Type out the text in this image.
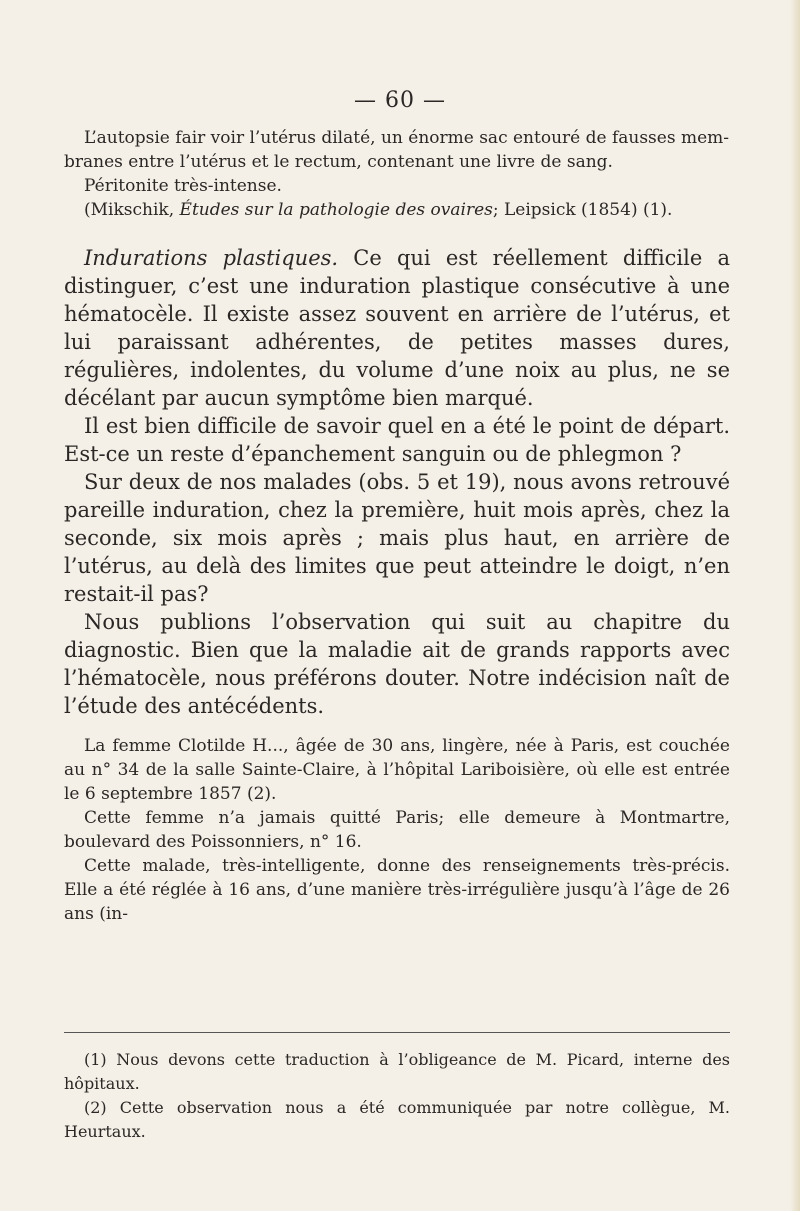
— 60 —

L’autopsie fair voir l’utérus dilaté, un énorme sac entouré de fausses mem-

branes entre l’utérus et le rectum, contenant une livre de sang.

Péritonite très-intense.

(Mikschik, Études sur la pathologie des ovaires; Leipsick (1854) (1).

Indurations plastiques. Ce qui est réellement difficile a distinguer, c’est une induration plastique consécutive à une hématocèle. Il existe assez souvent en arrière de l’utérus, et lui paraissant adhérentes, de petites masses dures, régulières, indolentes, du volume d’une noix au plus, ne se décélant par aucun symptôme bien marqué.

Il est bien difficile de savoir quel en a été le point de départ. Est-ce un reste d’épanchement sanguin ou de phlegmon ?

Sur deux de nos malades (obs. 5 et 19), nous avons retrouvé pareille induration, chez la première, huit mois après, chez la seconde, six mois après ; mais plus haut, en arrière de l’utérus, au delà des limites que peut atteindre le doigt, n’en restait-il pas?

Nous publions l’observation qui suit au chapitre du diagnostic. Bien que la maladie ait de grands rapports avec l’hématocèle, nous préférons douter. Notre indécision naît de l’étude des antécédents.

La femme Clotilde H..., âgée de 30 ans, lingère, née à Paris, est couchée au n° 34 de la salle Sainte-Claire, à l’hôpital Lariboisière, où elle est entrée le 6 septembre 1857 (2).

Cette femme n’a jamais quitté Paris; elle demeure à Montmartre, boulevard des Poissonniers, n° 16.

Cette malade, très-intelligente, donne des renseignements très-précis. Elle a été réglée à 16 ans, d’une manière très-irrégulière jusqu’à l’âge de 26 ans (in-

(1) Nous devons cette traduction à l’obligeance de M. Picard, interne des hôpitaux.

(2) Cette observation nous a été communiquée par notre collègue, M. Heurtaux.
